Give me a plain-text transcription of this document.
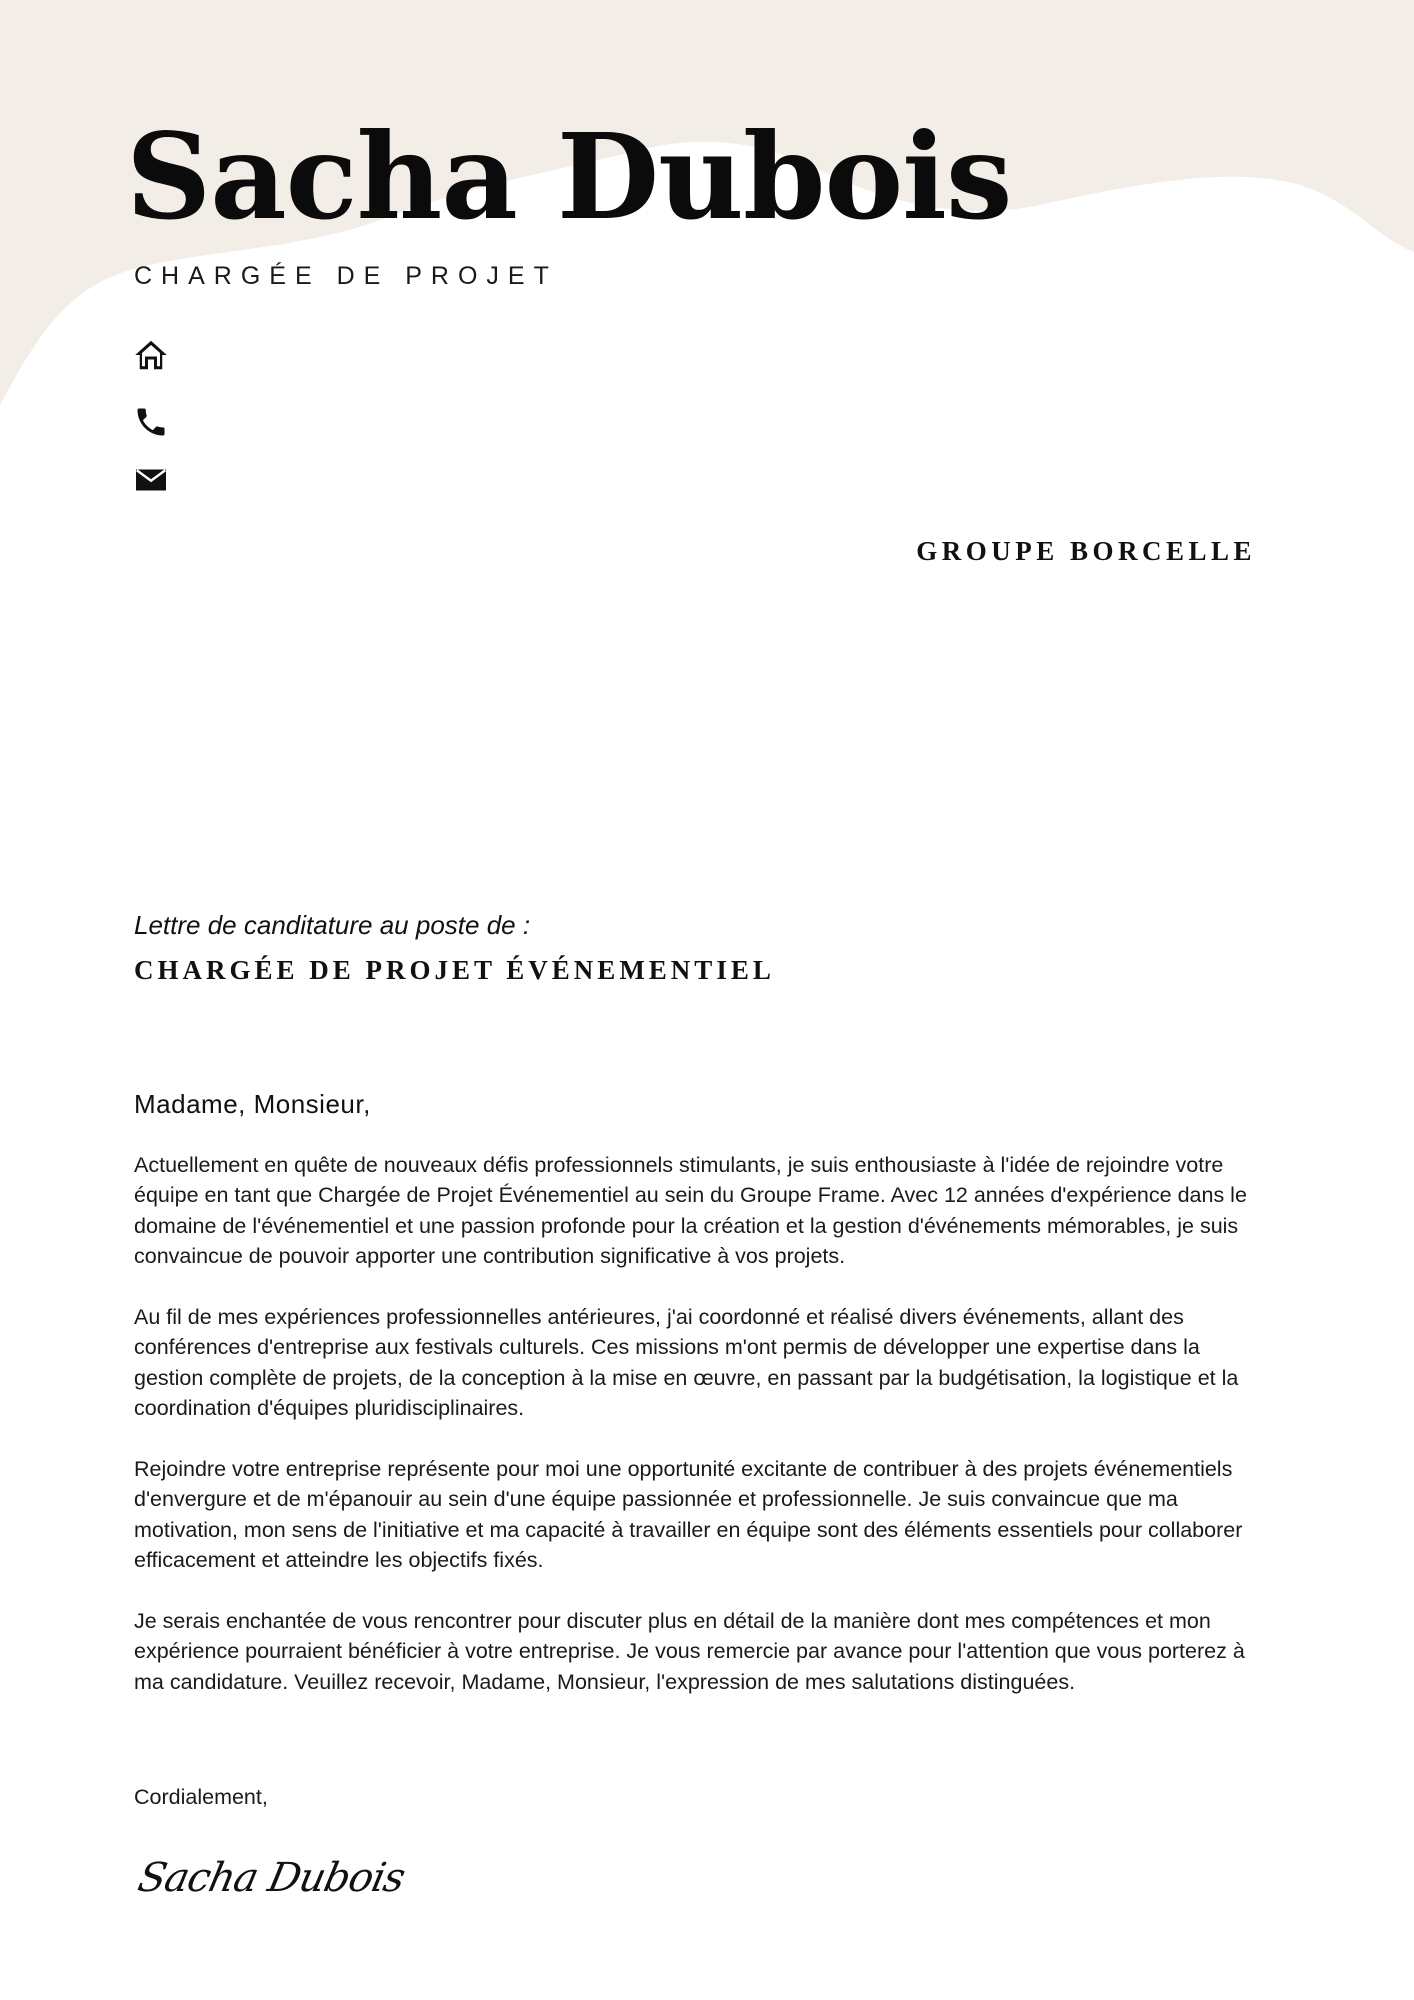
Sacha Dubois
CHARGÉE DE PROJET
GROUPE BORCELLE
Lettre de canditature au poste de :
CHARGÉE DE PROJET ÉVÉNEMENTIEL
Madame, Monsieur,

Actuellement en quête de nouveaux défis professionnels stimulants, je suis enthousiaste à l'idée de rejoindre votre équipe en tant que Chargée de Projet Événementiel au sein du Groupe Frame. Avec 12 années d'expérience dans le domaine de l'événementiel et une passion profonde pour la création et la gestion d'événements mémorables, je suis convaincue de pouvoir apporter une contribution significative à vos projets.

Au fil de mes expériences professionnelles antérieures, j'ai coordonné et réalisé divers événements, allant des conférences d'entreprise aux festivals culturels. Ces missions m'ont permis de développer une expertise dans la gestion complète de projets, de la conception à la mise en œuvre, en passant par la budgétisation, la logistique et la coordination d'équipes pluridisciplinaires.

Rejoindre votre entreprise représente pour moi une opportunité excitante de contribuer à des projets événementiels d'envergure et de m'épanouir au sein d'une équipe passionnée et professionnelle. Je suis convaincue que ma motivation, mon sens de l'initiative et ma capacité à travailler en équipe sont des éléments essentiels pour collaborer efficacement et atteindre les objectifs fixés.

Je serais enchantée de vous rencontrer pour discuter plus en détail de la manière dont mes compétences et mon expérience pourraient bénéficier à votre entreprise. Je vous remercie par avance pour l'attention que vous porterez à ma candidature. Veuillez recevoir, Madame, Monsieur, l'expression de mes salutations distinguées.

Cordialement,
Sacha Dubois
